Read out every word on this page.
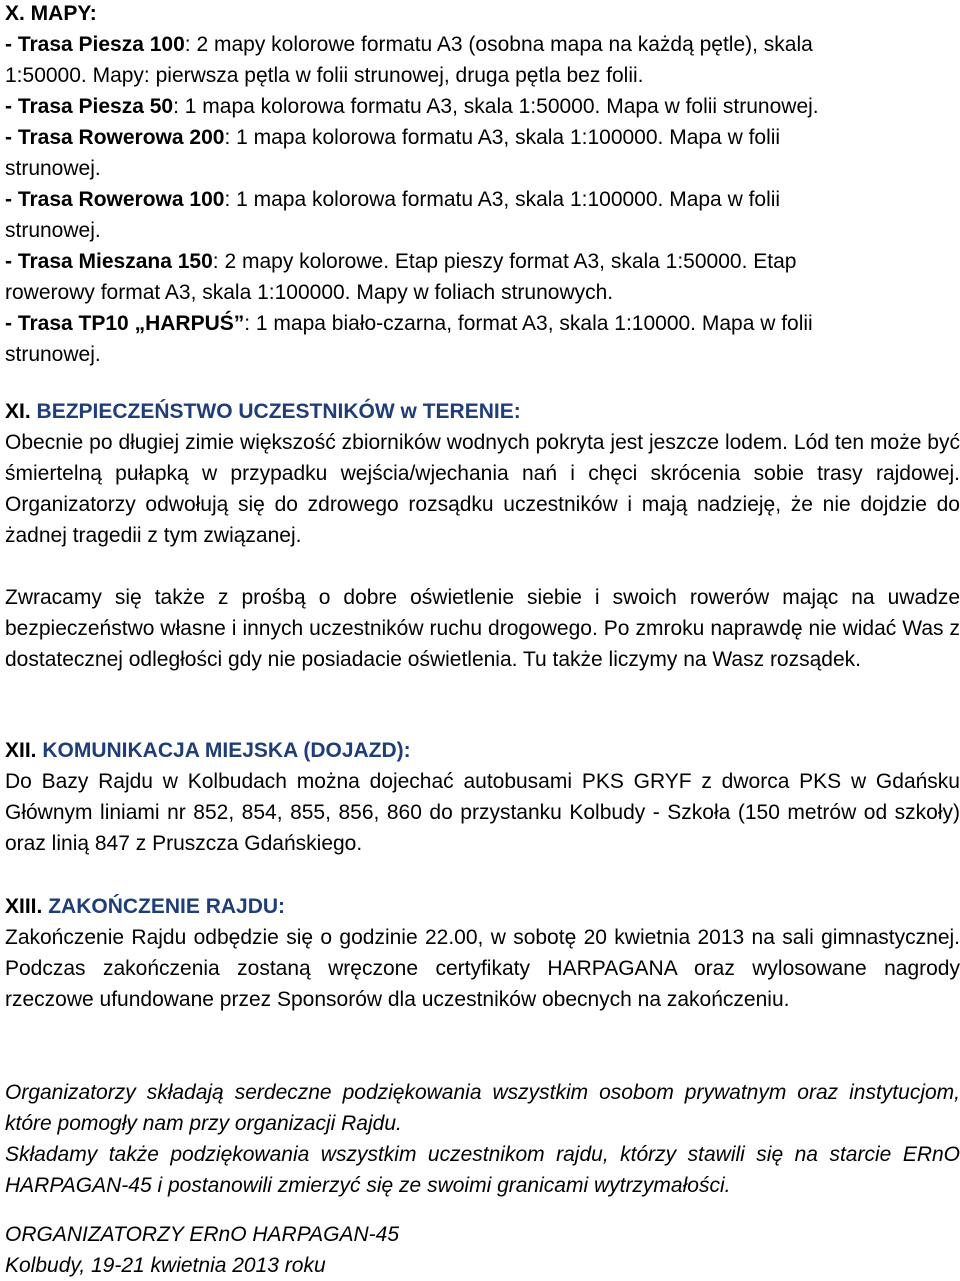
X. MAPY:
- Trasa Piesza 100: 2 mapy kolorowe formatu A3 (osobna mapa na każdą pętle), skala
1:50000. Mapy: pierwsza pętla w folii strunowej, druga pętla bez folii.
- Trasa Piesza 50: 1 mapa kolorowa formatu A3, skala 1:50000. Mapa w folii strunowej.
- Trasa Rowerowa 200: 1 mapa kolorowa formatu A3, skala 1:100000. Mapa w folii
strunowej.
- Trasa Rowerowa 100: 1 mapa kolorowa formatu A3, skala 1:100000. Mapa w folii
strunowej.
- Trasa Mieszana 150: 2 mapy kolorowe. Etap pieszy format A3, skala 1:50000. Etap
rowerowy format A3, skala 1:100000. Mapy w foliach strunowych.
- Trasa TP10 „HARPUŚ”: 1 mapa biało-czarna, format A3, skala 1:10000. Mapa w folii
strunowej.
XI. BEZPIECZEŃSTWO UCZESTNIKÓW w TERENIE:
Obecnie po długiej zimie większość zbiorników wodnych pokryta jest jeszcze lodem. Lód ten może być śmiertelną pułapką w przypadku wejścia/wjechania nań i chęci skrócenia sobie trasy rajdowej. Organizatorzy odwołują się do zdrowego rozsądku uczestników i mają nadzieję, że nie dojdzie do żadnej tragedii z tym związanej.
Zwracamy się także z prośbą o dobre oświetlenie siebie i swoich rowerów mając na uwadze bezpieczeństwo własne i innych uczestników ruchu drogowego. Po zmroku naprawdę nie widać Was z dostatecznej odległości gdy nie posiadacie oświetlenia. Tu także liczymy na Wasz rozsądek.
XII. KOMUNIKACJA MIEJSKA (DOJAZD):
Do Bazy Rajdu w Kolbudach można dojechać autobusami PKS GRYF z dworca PKS w Gdańsku Głównym liniami nr 852, 854, 855, 856, 860 do przystanku Kolbudy - Szkoła (150 metrów od szkoły) oraz linią 847 z Pruszcza Gdańskiego.
XIII. ZAKOŃCZENIE RAJDU:
Zakończenie Rajdu odbędzie się o godzinie 22.00, w sobotę 20 kwietnia 2013 na sali gimnastycznej. Podczas zakończenia zostaną wręczone certyfikaty HARPAGANA oraz wylosowane nagrody rzeczowe ufundowane przez Sponsorów dla uczestników obecnych na zakończeniu.
Organizatorzy składają serdeczne podziękowania wszystkim osobom prywatnym oraz instytucjom, które pomogły nam przy organizacji Rajdu.
Składamy także podziękowania wszystkim uczestnikom rajdu, którzy stawili się na starcie ERnO HARPAGAN-45 i postanowili zmierzyć się ze swoimi granicami wytrzymałości.
ORGANIZATORZY ERnO HARPAGAN-45
Kolbudy, 19-21 kwietnia 2013 roku
